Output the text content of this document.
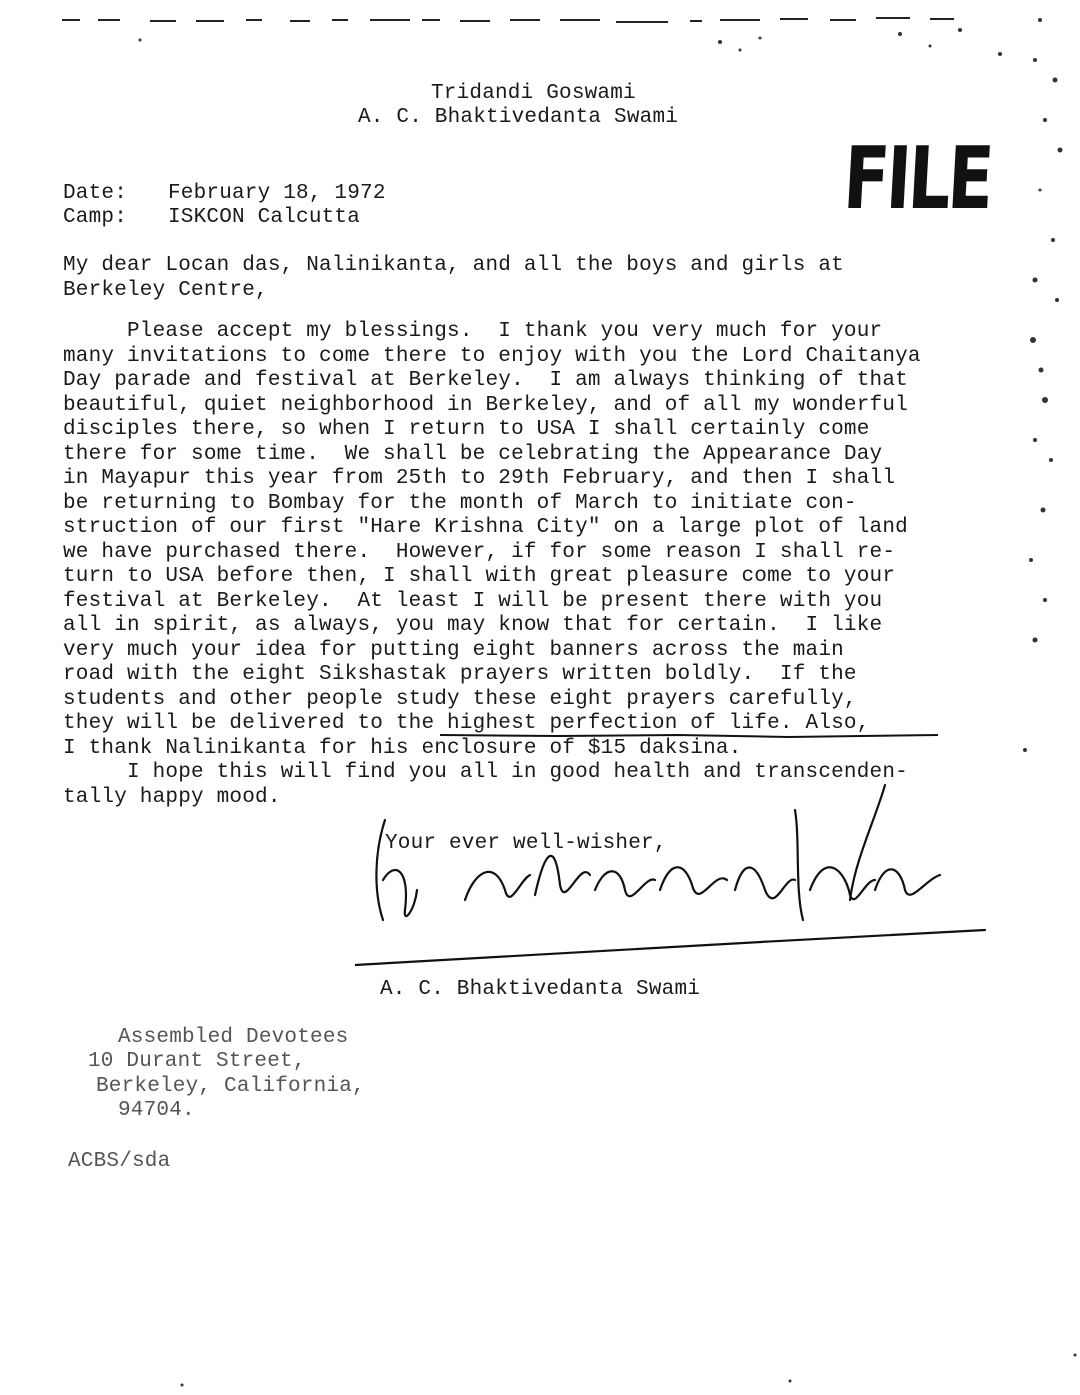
Tridandi Goswami
A. C. Bhaktivedanta Swami
FILE
Date: February 18, 1972
Camp: ISKCON Calcutta
My dear Locan das, Nalinikanta, and all the boys and girls at
Berkeley Centre,
Please accept my blessings.  I thank you very much for your
many invitations to come there to enjoy with you the Lord Chaitanya
Day parade and festival at Berkeley.  I am always thinking of that
beautiful, quiet neighborhood in Berkeley, and of all my wonderful
disciples there, so when I return to USA I shall certainly come
there for some time.  We shall be celebrating the Appearance Day
in Mayapur this year from 25th to 29th February, and then I shall
be returning to Bombay for the month of March to initiate con-
struction of our first "Hare Krishna City" on a large plot of land
we have purchased there.  However, if for some reason I shall re-
turn to USA before then, I shall with great pleasure come to your
festival at Berkeley.  At least I will be present there with you
all in spirit, as always, you may know that for certain.  I like
very much your idea for putting eight banners across the main
road with the eight Sikshastak prayers written boldly.  If the
students and other people study these eight prayers carefully,
they will be delivered to the highest perfection of life. Also,
I thank Nalinikanta for his enclosure of $15 daksina.
I hope this will find you all in good health and transcenden-
tally happy mood.
Your ever well-wisher,
A. C. Bhaktivedanta Swami
Assembled Devotees
10 Durant Street,
Berkeley, California,
94704.
ACBS/sda
